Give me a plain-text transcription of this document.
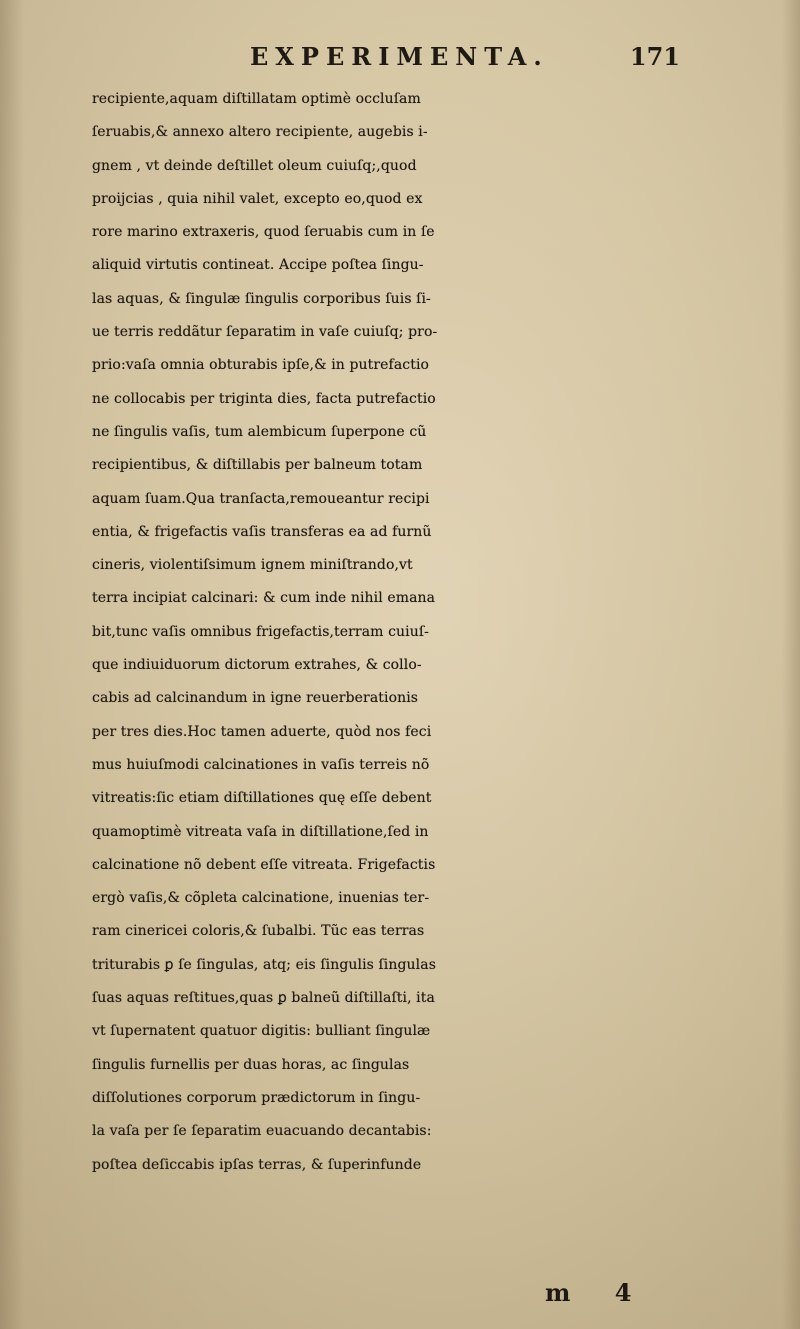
EXPERIMENTA.	171
recipiente,aquam diſtillatam optimè occluſam
ſeruabis,& annexo altero recipiente, augebis i-
gnem , vt deinde deſtillet oleum cuiuſq;,quod
proijcias , quia nihil valet, excepto eo,quod ex
rore marino extraxeris, quod ſeruabis cum in ſe
aliquid virtutis contineat. Accipe poſtea ſingu-
las aquas, & ſingulæ ſingulis corporibus ſuis ſi-
ue terris reddãtur ſeparatim in vaſe cuiuſq; pro-
prio:vaſa omnia obturabis ipſe,& in putrefactio
ne collocabis per triginta dies, facta putrefactio
ne ſingulis vaſis, tum alembicum ſuperpone cũ
recipientibus, & diſtillabis per balneum totam
aquam ſuam.Qua tranſacta,remoueantur recipi
entia, & frigefactis vaſis transferas ea ad furnũ
cineris, violentiſsimum ignem miniſtrando,vt
terra incipiat calcinari: & cum inde nihil emana
bit,tunc vaſis omnibus frigefactis,terram cuiuſ-
que indiuiduorum dictorum extrahes, & collo-
cabis ad calcinandum in igne reuerberationis
per tres dies.Hoc tamen aduerte, quòd nos feci
mus huiuſmodi calcinationes in vaſis terreis nõ
vitreatis:ſic etiam diſtillationes quę eſſe debent
quamoptimè vitreata vaſa in diſtillatione,ſed in
calcinatione nõ debent eſſe vitreata. Frigefactis
ergò vaſis,& cõpleta calcinatione, inuenias ter-
ram cinericei coloris,& ſubalbi. Tũc eas terras
triturabis ꝑ ſe ſingulas, atq; eis ſingulis ſingulas
ſuas aquas reſtitues,quas ꝑ balneũ diſtillaſti, ita
vt ſupernatent quatuor digitis: bulliant ſingulæ
ſingulis furnellis per duas horas, ac ſingulas
diſſolutiones corporum prædictorum in ſingu-
la vaſa per ſe ſeparatim euacuando decantabis:
poſtea deſiccabis ipſas terras, & ſuperinfunde
m 4
